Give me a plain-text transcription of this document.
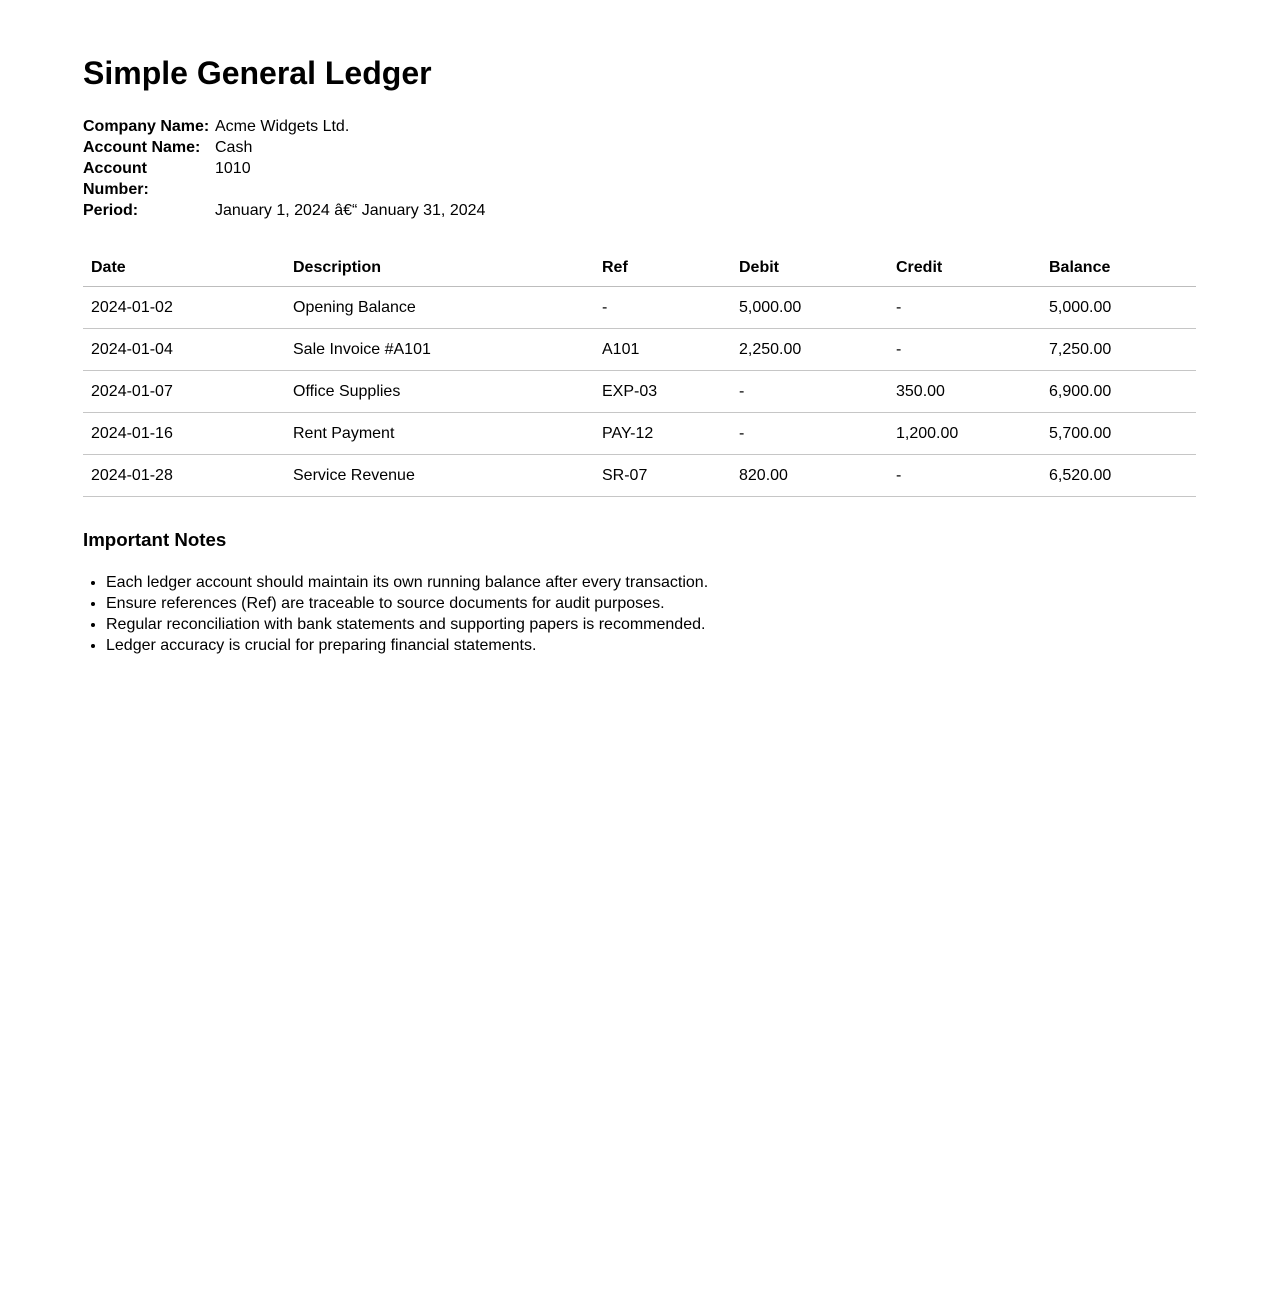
Simple General Ledger
Company Name: Acme Widgets Ltd.
Account Name: Cash
Account Number:
1010
Period:	January 1, 2024 â€“ January 31, 2024
Date	Description	Ref	Debit	Credit	Balance
2024-01-02	Opening Balance	-	5,000.00	-	5,000.00
2024-01-04	Sale Invoice #A101	A101	2,250.00	-	7,250.00
2024-01-07	Office Supplies	EXP-03	-	350.00	6,900.00
2024-01-16	Rent Payment	PAY-12	-	1,200.00	5,700.00
2024-01-28	Service Revenue	SR-07	820.00	-	6,520.00
Important Notes
• Each ledger account should maintain its own running balance after every transaction.
• Ensure references (Ref) are traceable to source documents for audit purposes.
• Regular reconciliation with bank statements and supporting papers is recommended.
• Ledger accuracy is crucial for preparing financial statements.
